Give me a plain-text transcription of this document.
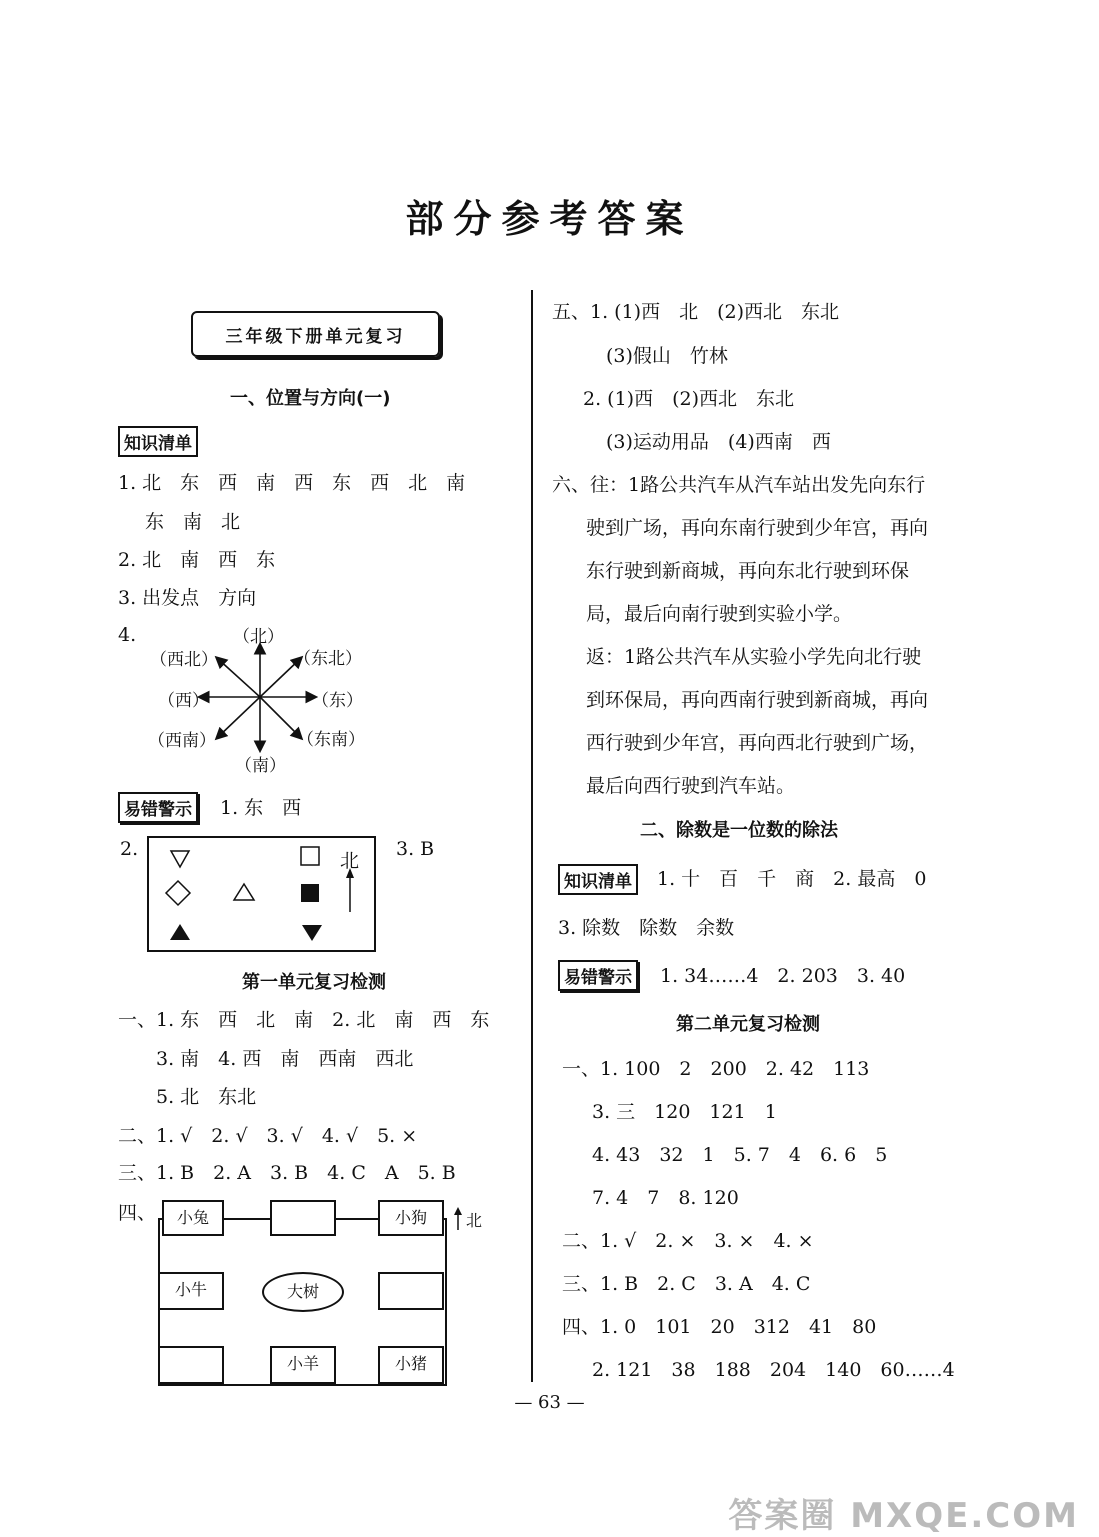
部分参考答案
三年级下册单元复习
一、位置与方向(一)
知识清单
1. 北　东　西　南　西　东　西　北　南
东　南　北
2. 北　南　西　东
3. 出发点　方向
4.	（北）
（东北）
（东）
（东南）
（南）
（西南）
（西）
（西北）
易错警示	1. 东　西
2.
北
3. B
第一单元复习检测
一、1. 东　西　北　南　2. 北　南　西　东
3. 南　4. 西　南　西南　西北
5. 北　东北
二、1. √　2. √　3. √　4. √　5. ×
三、1. B　2. A　3. B　4. C　A　5. B
四、	小兔	小狗
小牛	大树
小羊	小猪
北
五、1. (1)西　北　(2)西北　东北
(3)假山　竹林
2. (1)西　(2)西北　东北
(3)运动用品　(4)西南　西
六、往：1路公共汽车从汽车站出发先向东行
驶到广场，再向东南行驶到少年宫，再向
东行驶到新商城，再向东北行驶到环保
局，最后向南行驶到实验小学。
返：1路公共汽车从实验小学先向北行驶
到环保局，再向西南行驶到新商城，再向
西行驶到少年宫，再向西北行驶到广场，
最后向西行驶到汽车站。
二、除数是一位数的除法
知识清单	1. 十　百　千　商　2. 最高　0
3. 除数　除数　余数
易错警示	1. 34……4　2. 203　3. 40
第二单元复习检测
一、1. 100　2　200　2. 42　113
3. 三　120　121　1
4. 43　32　1　5. 7　4　6. 6　5
7. 4　7　8. 120
二、1. √　2. ×　3. ×　4. ×
三、1. B　2. C　3. A　4. C
四、1. 0　101　20　312　41　80
2. 121　38　188　204　140　60……4
— 63 —
答案圈 MXQE.COM
